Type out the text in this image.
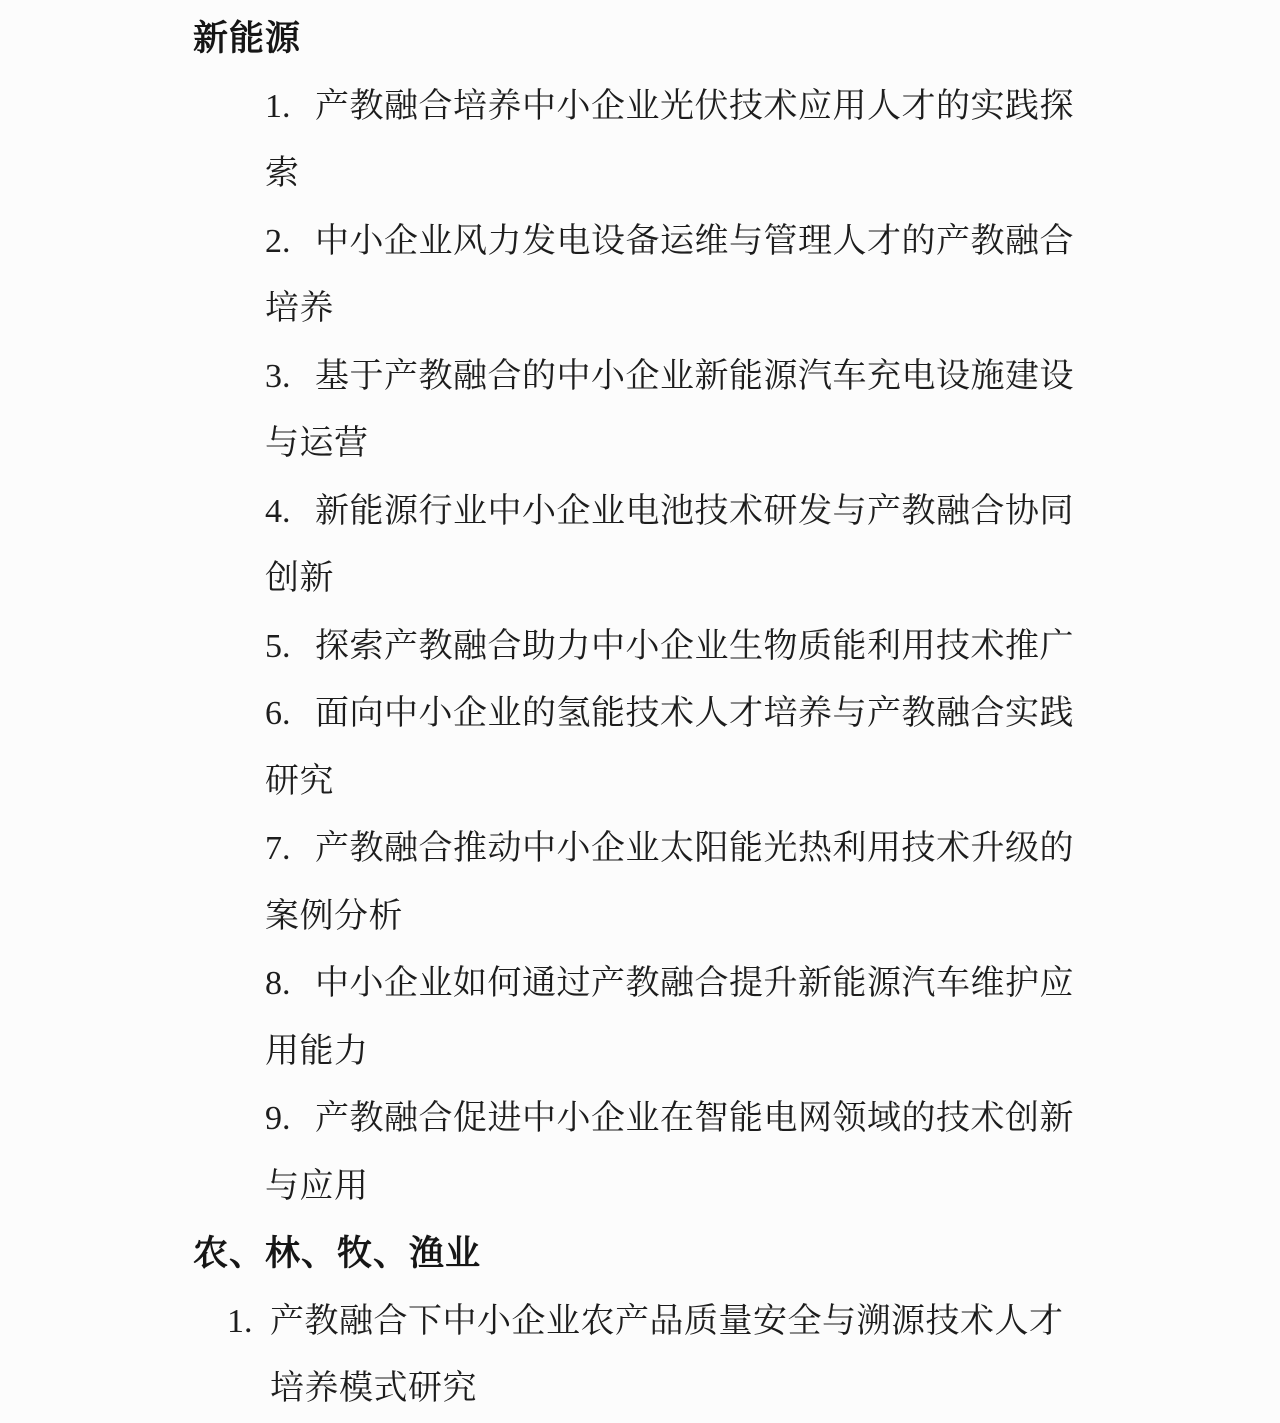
新能源
1. 产教融合培养中小企业光伏技术应用人才的实践探索
2. 中小企业风力发电设备运维与管理人才的产教融合培养
3. 基于产教融合的中小企业新能源汽车充电设施建设与运营
4. 新能源行业中小企业电池技术研发与产教融合协同创新
5. 探索产教融合助力中小企业生物质能利用技术推广
6. 面向中小企业的氢能技术人才培养与产教融合实践研究
7. 产教融合推动中小企业太阳能光热利用技术升级的案例分析
8. 中小企业如何通过产教融合提升新能源汽车维护应用能力
9. 产教融合促进中小企业在智能电网领域的技术创新与应用
农、林、牧、渔业
1. 产教融合下中小企业农产品质量安全与溯源技术人才培养模式研究
